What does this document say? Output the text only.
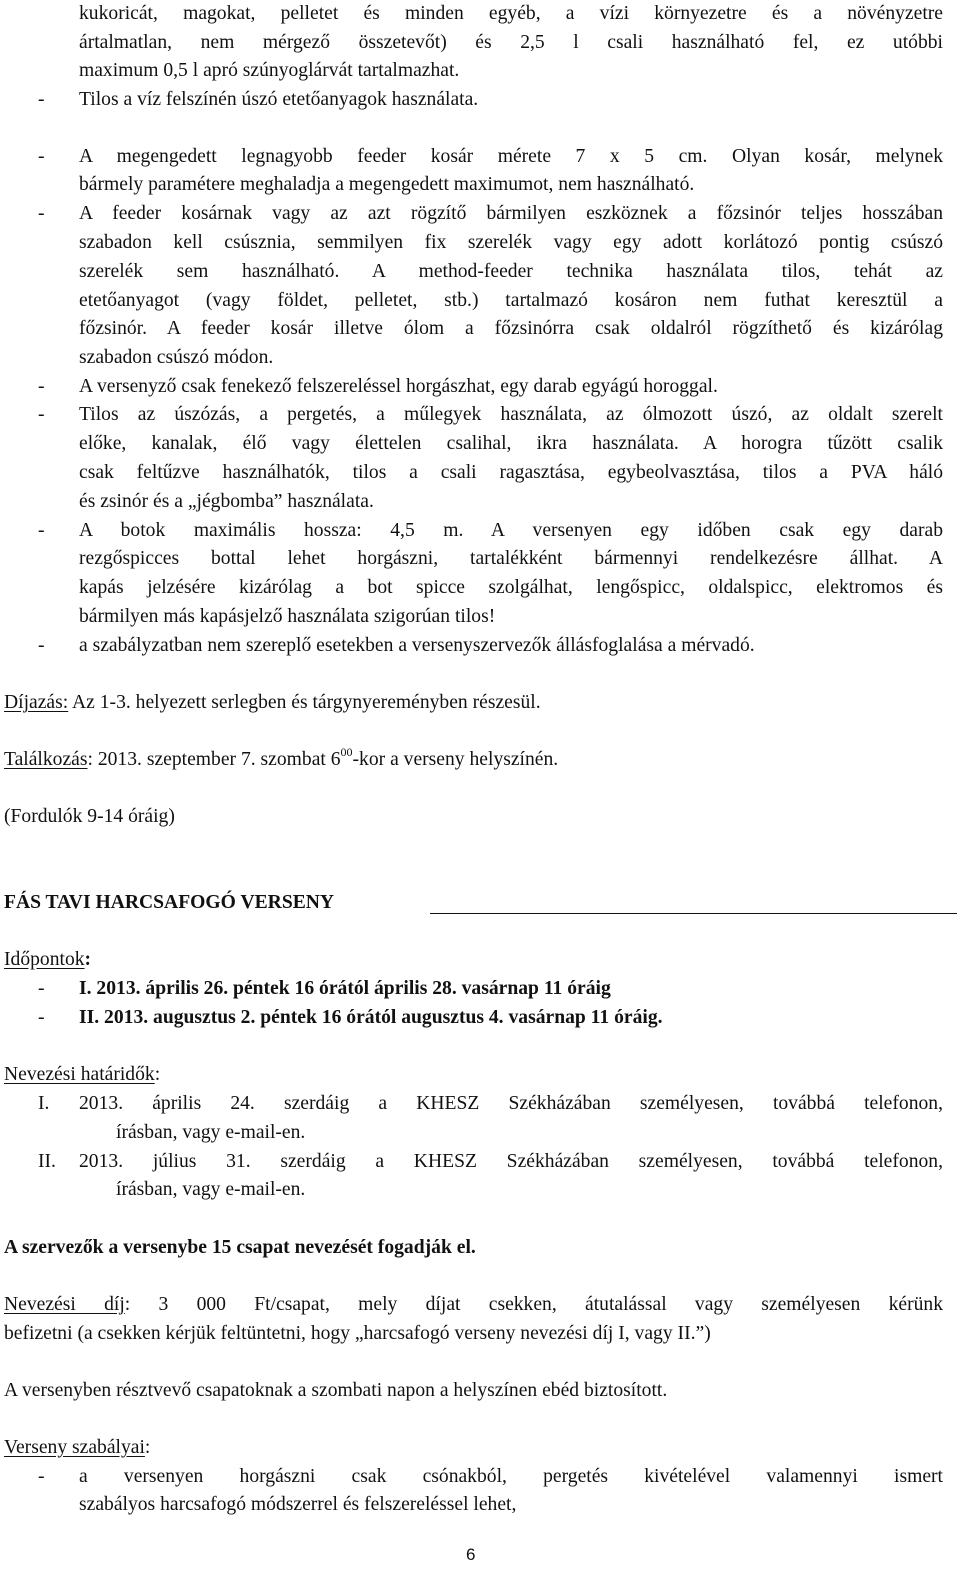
kukoricát, magokat, pelletet és minden egyéb, a vízi környezetre és a növényzetre
ártalmatlan, nem mérgező összetevőt) és 2,5 l csali használható fel, ez utóbbi
maximum 0,5 l apró szúnyoglárvát tartalmazhat.
- Tilos a víz felszínén úszó etetőanyagok használata.
- A megengedett legnagyobb feeder kosár mérete 7 x 5 cm. Olyan kosár, melynek
bármely paramétere meghaladja a megengedett maximumot, nem használható.
- A feeder kosárnak vagy az azt rögzítő bármilyen eszköznek a főzsinór teljes hosszában
szabadon kell csúsznia, semmilyen fix szerelék vagy egy adott korlátozó pontig csúszó
szerelék sem használható. A method-feeder technika használata tilos, tehát az
etetőanyagot (vagy földet, pelletet, stb.) tartalmazó kosáron nem futhat keresztül a
főzsinór. A feeder kosár illetve ólom a főzsinórra csak oldalról rögzíthető és kizárólag
szabadon csúszó módon.
- A versenyző csak fenekező felszereléssel horgászhat, egy darab egyágú horoggal.
- Tilos az úszózás, a pergetés, a műlegyek használata, az ólmozott úszó, az oldalt szerelt
előke, kanalak, élő vagy élettelen csalihal, ikra használata. A horogra tűzött csalik
csak feltűzve használhatók, tilos a csali ragasztása, egybeolvasztása, tilos a PVA háló
és zsinór és a „jégbomba” használata.
- A botok maximális hossza: 4,5 m. A versenyen egy időben csak egy darab
rezgőspicces bottal lehet horgászni, tartalékként bármennyi rendelkezésre állhat. A
kapás jelzésére kizárólag a bot spicce szolgálhat, lengőspicc, oldalspicc, elektromos és
bármilyen más kapásjelző használata szigorúan tilos!
- a szabályzatban nem szereplő esetekben a versenyszervezők állásfoglalása a mérvadó.
Díjazás: Az 1-3. helyezett serlegben és tárgynyereményben részesül.
Találkozás: 2013. szeptember 7. szombat $6^{00}$-kor a verseny helyszínén.
(Fordulók 9-14 óráig)
FÁS TAVI HARCSAFOGÓ VERSENY
Időpontok:
- I. 2013. április 26. péntek 16 órától április 28. vasárnap 11 óráig
- II. 2013. augusztus 2. péntek 16 órától augusztus 4. vasárnap 11 óráig.
Nevezési határidők:
I. 2013. április 24. szerdáig a KHESZ Székházában személyesen, továbbá telefonon,
írásban, vagy e-mail-en.
II. 2013. július 31. szerdáig a KHESZ Székházában személyesen, továbbá telefonon,
írásban, vagy e-mail-en.
A szervezők a versenybe 15 csapat nevezését fogadják el.
Nevezési díj: 3 000 Ft/csapat, mely díjat csekken, átutalással vagy személyesen kérünk
befizetni (a csekken kérjük feltüntetni, hogy „harcsafogó verseny nevezési díj I, vagy II.”)
A versenyben résztvevő csapatoknak a szombati napon a helyszínen ebéd biztosított.
Verseny szabályai:
- a versenyen horgászni csak csónakból, pergetés kivételével valamennyi ismert
szabályos harcsafogó módszerrel és felszereléssel lehet,
6
